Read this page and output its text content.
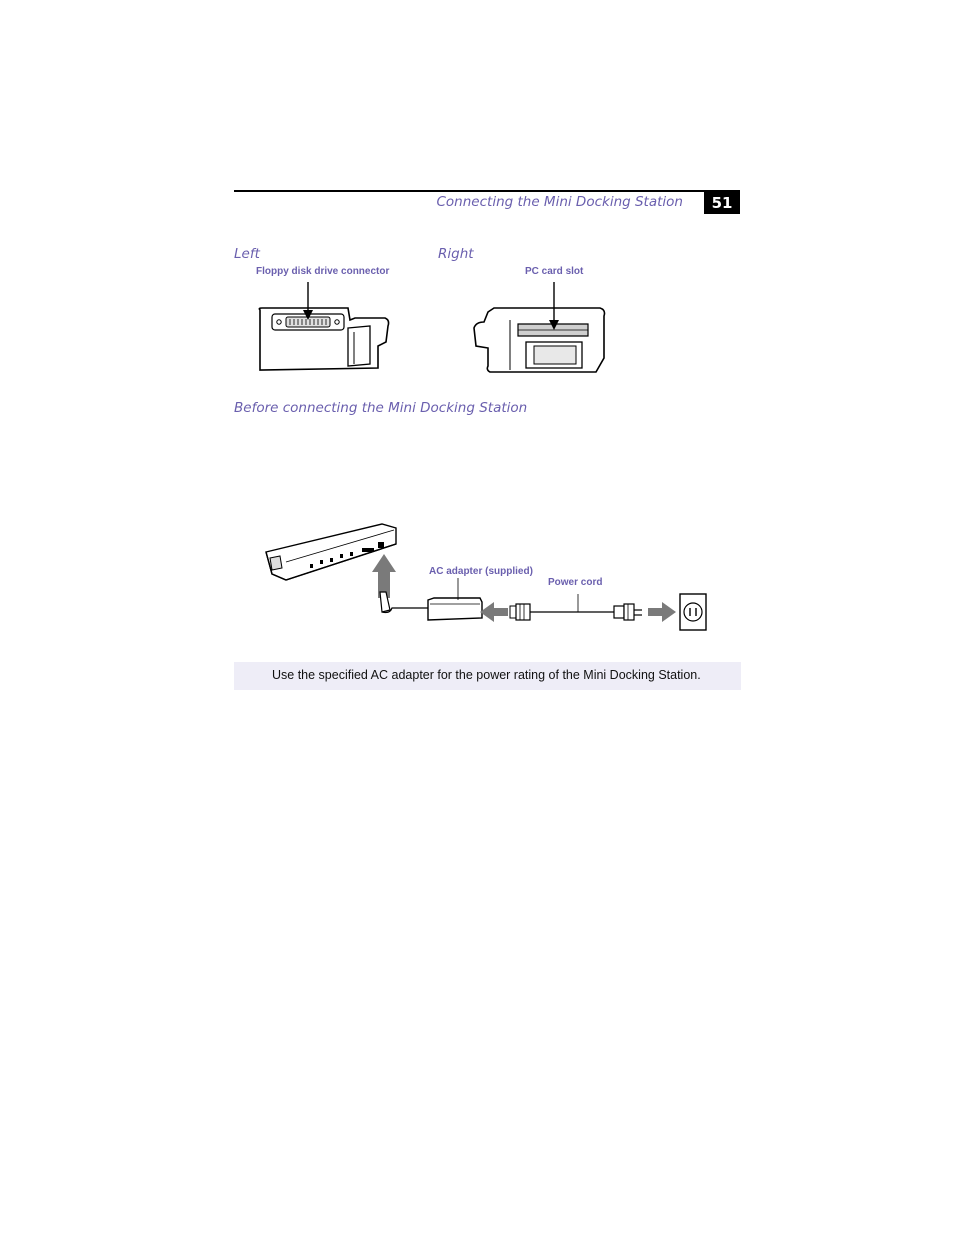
Connecting the Mini Docking Station	51
Left	Right
Floppy disk drive connector	PC card slot
Before connecting the Mini Docking Station
AC adapter (supplied)
Power cord
Use the specified AC adapter for the power rating of the Mini Docking Station.
